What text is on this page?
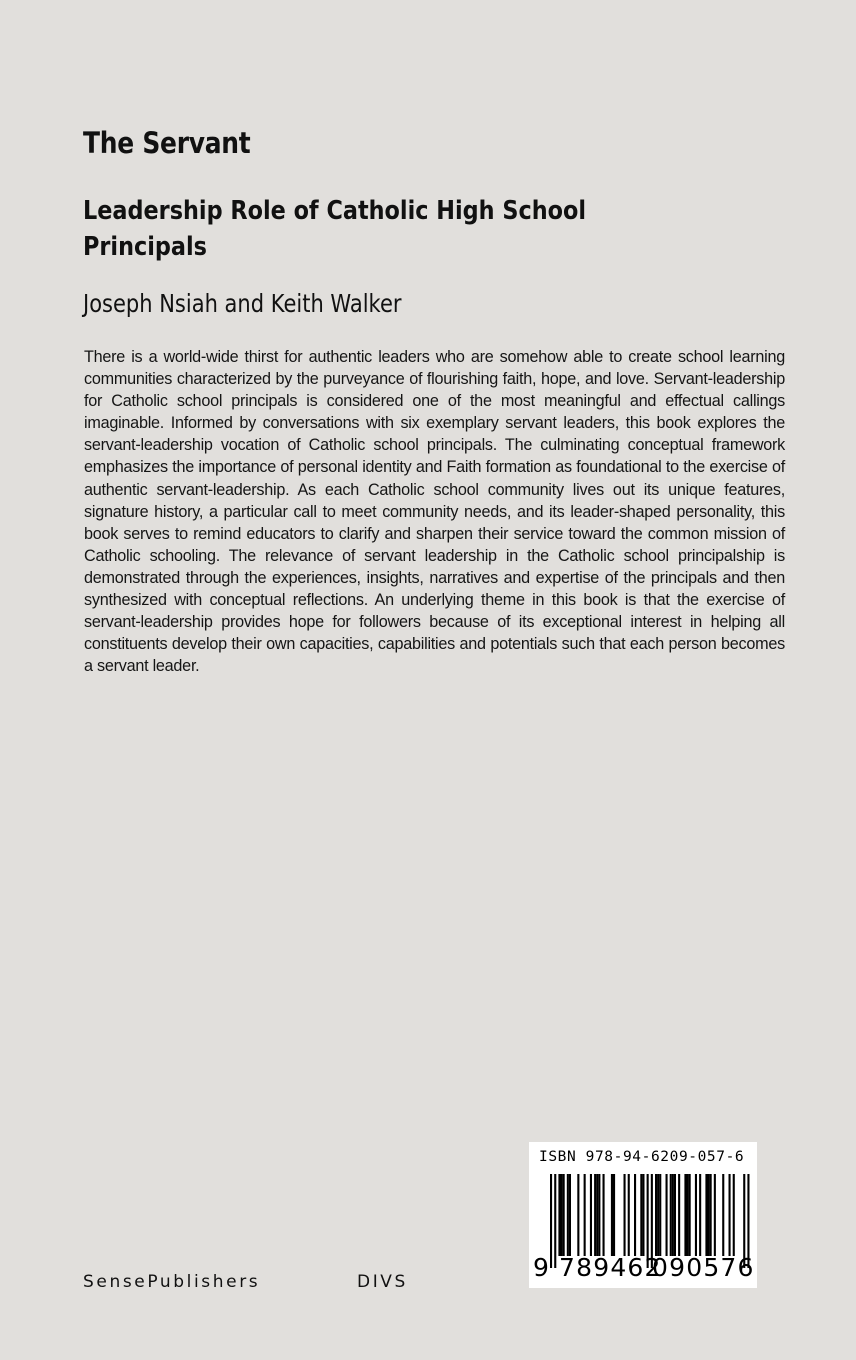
The Servant
Leadership Role of Catholic High School Principals
Joseph Nsiah and Keith Walker

There is a world-wide thirst for authentic leaders who are somehow able to create school learning communities characterized by the purveyance of flourishing faith, hope, and love. Servant-leadership for Catholic school principals is considered one of the most meaningful and effectual callings imaginable. Informed by conversations with six exemplary servant leaders, this book explores the servant-leadership vocation of Catholic school principals. The culminating conceptual framework emphasizes the importance of personal identity and Faith formation as foundational to the exercise of authentic servant-leadership. As each Catholic school community lives out its unique features, signature history, a particular call to meet community needs, and its leader-shaped personality, this book serves to remind educators to clarify and sharpen their service toward the common mission of Catholic schooling. The relevance of servant leadership in the Catholic school principalship is demonstrated through the experiences, insights, narratives and expertise of the principals and then synthesized with conceptual reflections. An underlying theme in this book is that the exercise of servant-leadership provides hope for followers because of its exceptional interest in helping all constituents develop their own capacities, capabilities and potentials such that each person becomes a servant leader.

ISBN 978-94-6209-057-6
9 789462
090576
SensePublishers	DIVS
